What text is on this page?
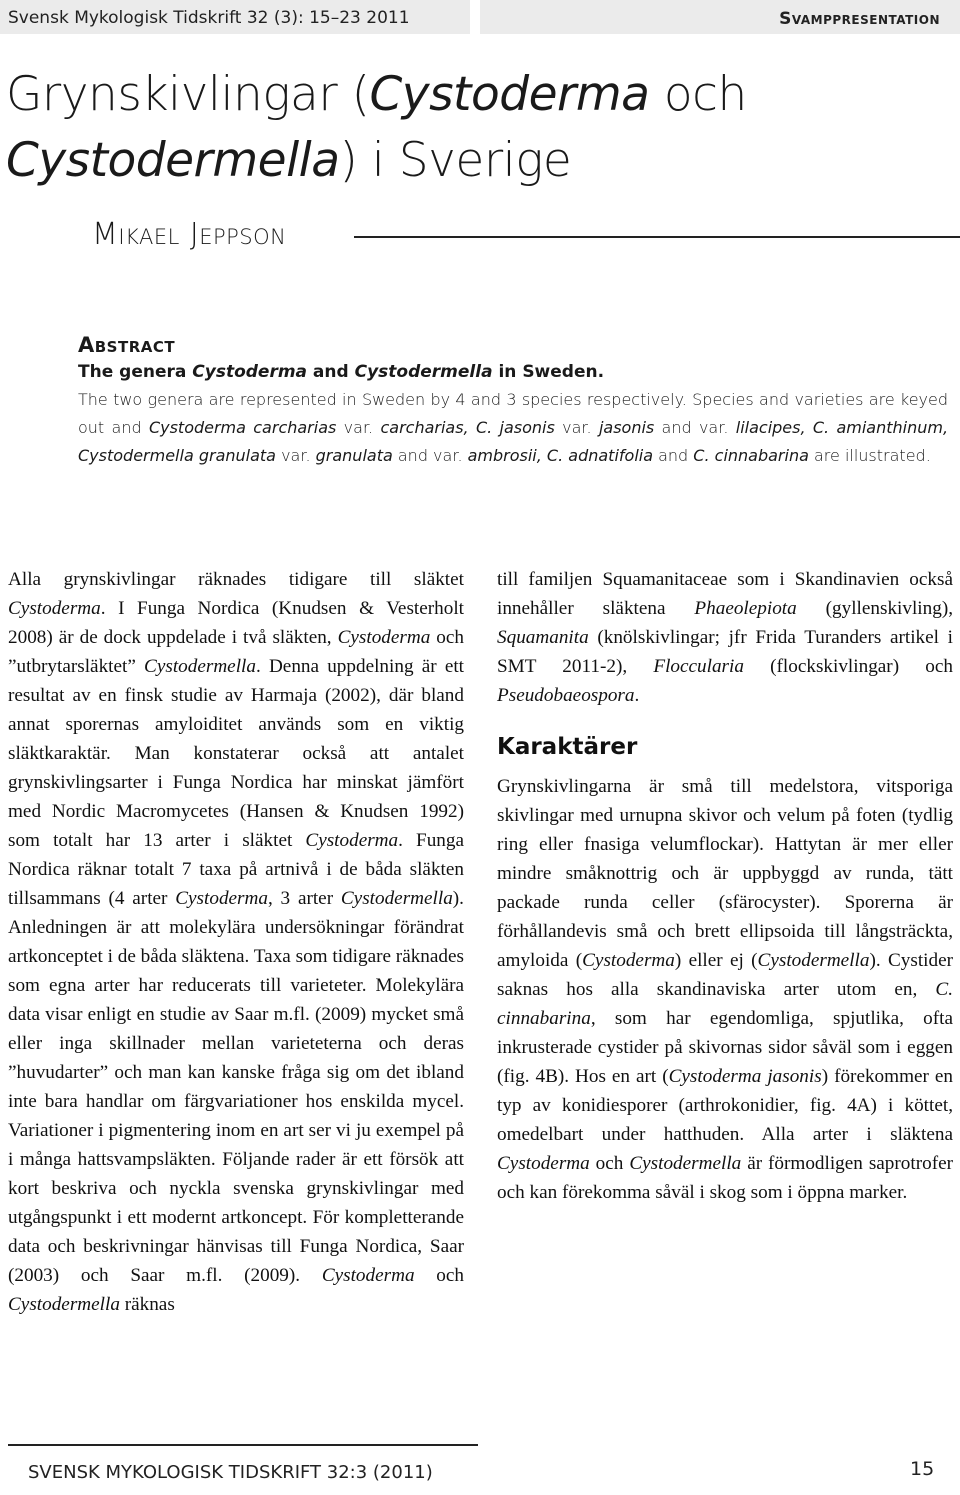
Svensk Mykologisk Tidskrift 32 (3): 15–23 2011	Svamppresentation
Grynskivlingar (Cystoderma och
Cystodermella) i Sverige
Mikael Jeppson
Abstract
The genera Cystoderma and Cystodermella in Sweden.

The two genera are represented in Sweden by 4 and 3 species respectively. Species and varieties are keyed out and Cystoderma carcharias var. carcharias, C. jasonis var. jasonis and var. lilacipes, C. amianthinum, Cystodermella granulata var. granulata and var. ambrosii, C. adnatifolia and C. cinnabarina are illustrated.

Alla grynskivlingar räknades tidigare till släktet Cystoderma. I Funga Nordica (Knudsen & Vesterholt 2008) är de dock uppdelade i två släkten, Cystoderma och ”utbrytarsläktet” Cystodermella. Denna uppdelning är ett resultat av en finsk studie av Harmaja (2002), där bland annat sporernas amyloiditet används som en viktig släktkaraktär. Man konstaterar också att antalet grynskivlingsarter i Funga Nordica har minskat jämfört med Nordic Macromycetes (Hansen & Knudsen 1992) som totalt har 13 arter i släktet Cystoderma. Funga Nordica räknar totalt 7 taxa på artnivå i de båda släkten tillsammans (4 arter Cystoderma, 3 arter Cystodermella). Anledningen är att molekylära undersökningar förändrat artkonceptet i de båda släktena. Taxa som tidigare räknades som egna arter har reducerats till varieteter. Molekylära data visar enligt en studie av Saar m.fl. (2009) mycket små eller inga skillnader mellan varieteterna och deras ”huvudarter” och man kan kanske fråga sig om det ibland inte bara handlar om färgvariationer hos enskilda mycel. Variationer i pigmentering inom en art ser vi ju exempel på i många hattsvampsläkten. Följande rader är ett försök att kort beskriva och nyckla svenska grynskivlingar med utgångspunkt i ett modernt artkoncept. För kompletterande data och beskrivningar hänvisas till Funga Nordica, Saar (2003) och Saar m.fl. (2009). Cystoderma och Cystodermella räknas

till familjen Squamanitaceae som i Skandinavien också innehåller släktena Phaeolepiota (gyllenskivling), Squamanita (knölskivlingar; jfr Frida Turanders artikel i SMT 2011-2), Floccularia (flockskivlingar) och Pseudobaeospora.

Karaktärer

Grynskivlingarna är små till medelstora, vitsporiga skivlingar med urnupna skivor och velum på foten (tydlig ring eller fnasiga velumflockar). Hattytan är mer eller mindre småknottrig och är uppbyggd av runda, tätt packade runda celler (sfärocyster). Sporerna är förhållandevis små och brett ellipsoida till långsträckta, amyloida (Cystoderma) eller ej (Cystodermella). Cystider saknas hos alla skandinaviska arter utom en, C. cinnabarina, som har egendomliga, spjutlika, ofta inkrusterade cystider på skivornas sidor såväl som i eggen (fig. 4B). Hos en art (Cystoderma jasonis) förekommer en typ av konidiesporer (arthrokonidier, fig. 4A) i köttet, omedelbart under hatthuden. Alla arter i släktena Cystoderma och Cystodermella är förmodligen saprotrofer och kan förekomma såväl i skog som i öppna marker.

SVENSK MYKOLOGISK TIDSKRIFT 32:3 (2011)	15
